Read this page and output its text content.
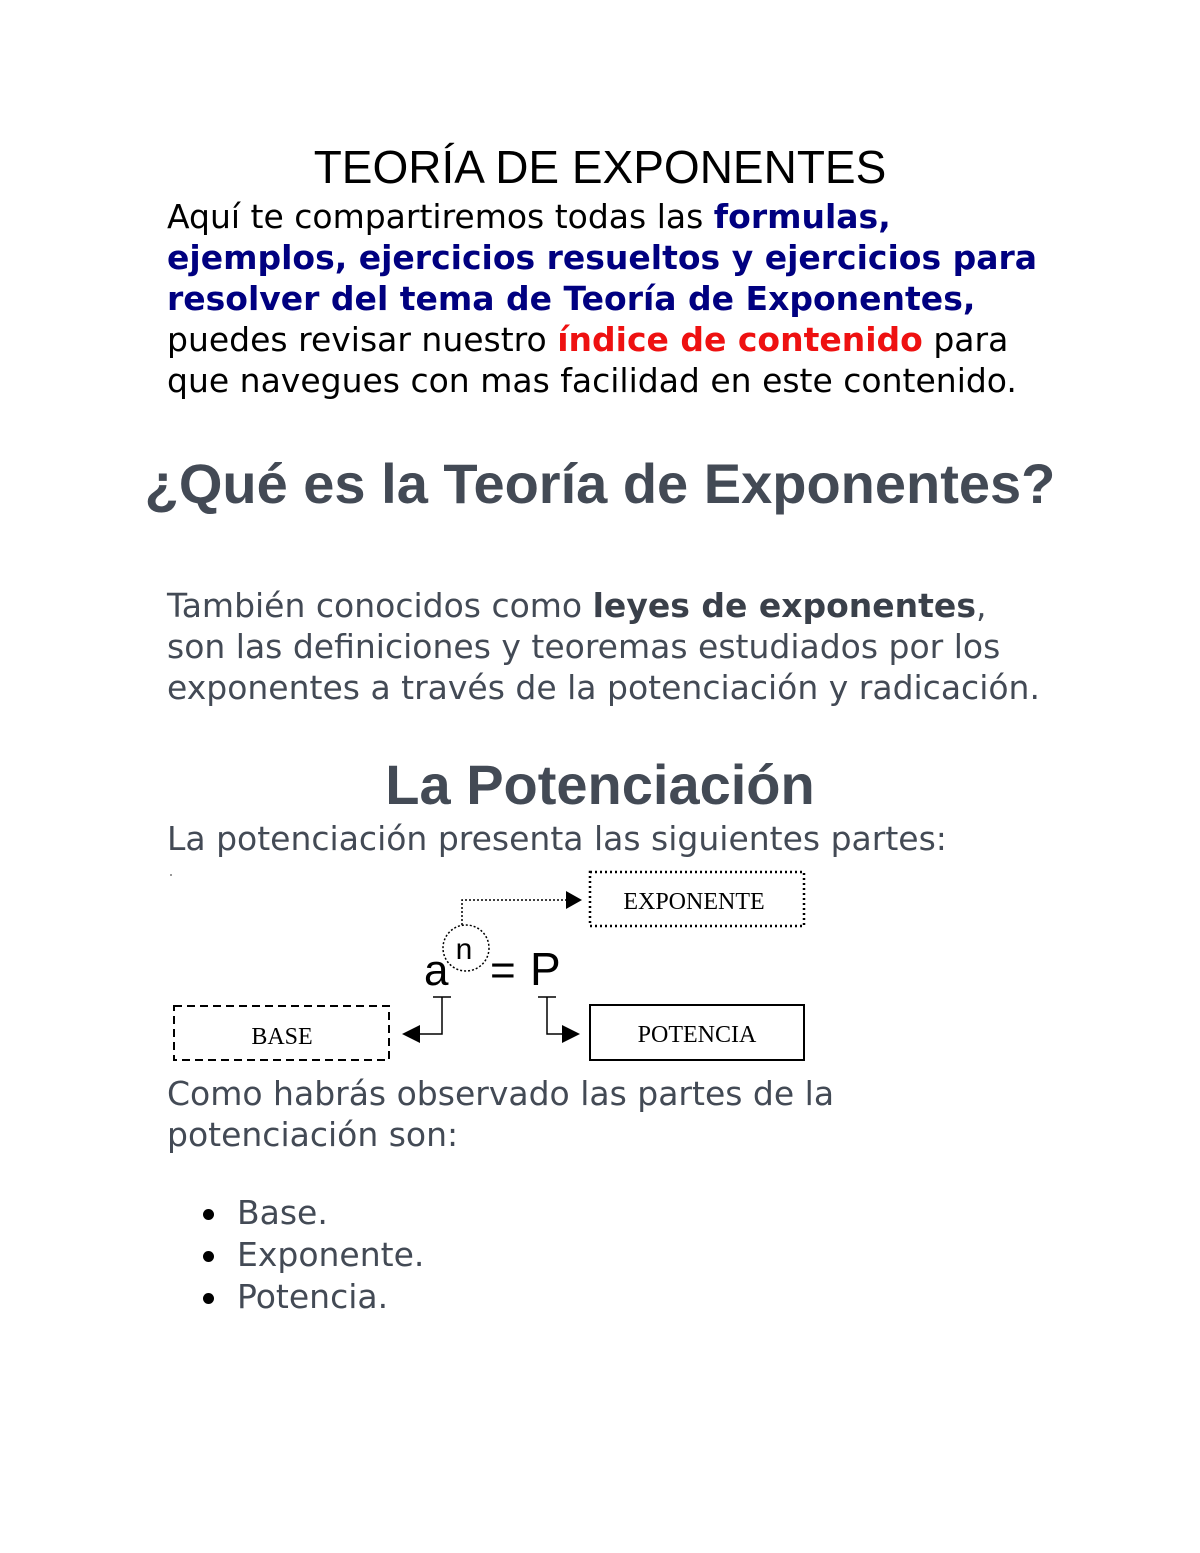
TEORÍA DE EXPONENTES

Aquí te compartiremos todas las formulas, ejemplos, ejercicios resueltos y ejercicios para resolver del tema de Teoría de Exponentes, puedes revisar nuestro índice de contenido para que navegues con mas facilidad en este contenido.

¿Qué es la Teoría de Exponentes?

También conocidos como leyes de exponentes, son las definiciones y teoremas estudiados por los exponentes a través de la potenciación y radicación.

La Potenciación

La potenciación presenta las siguientes partes:

EXPONENTE
n
a = P
BASE	POTENCIA

Como habrás observado las partes de la potenciación son:

Base.
Exponente.
Potencia.
